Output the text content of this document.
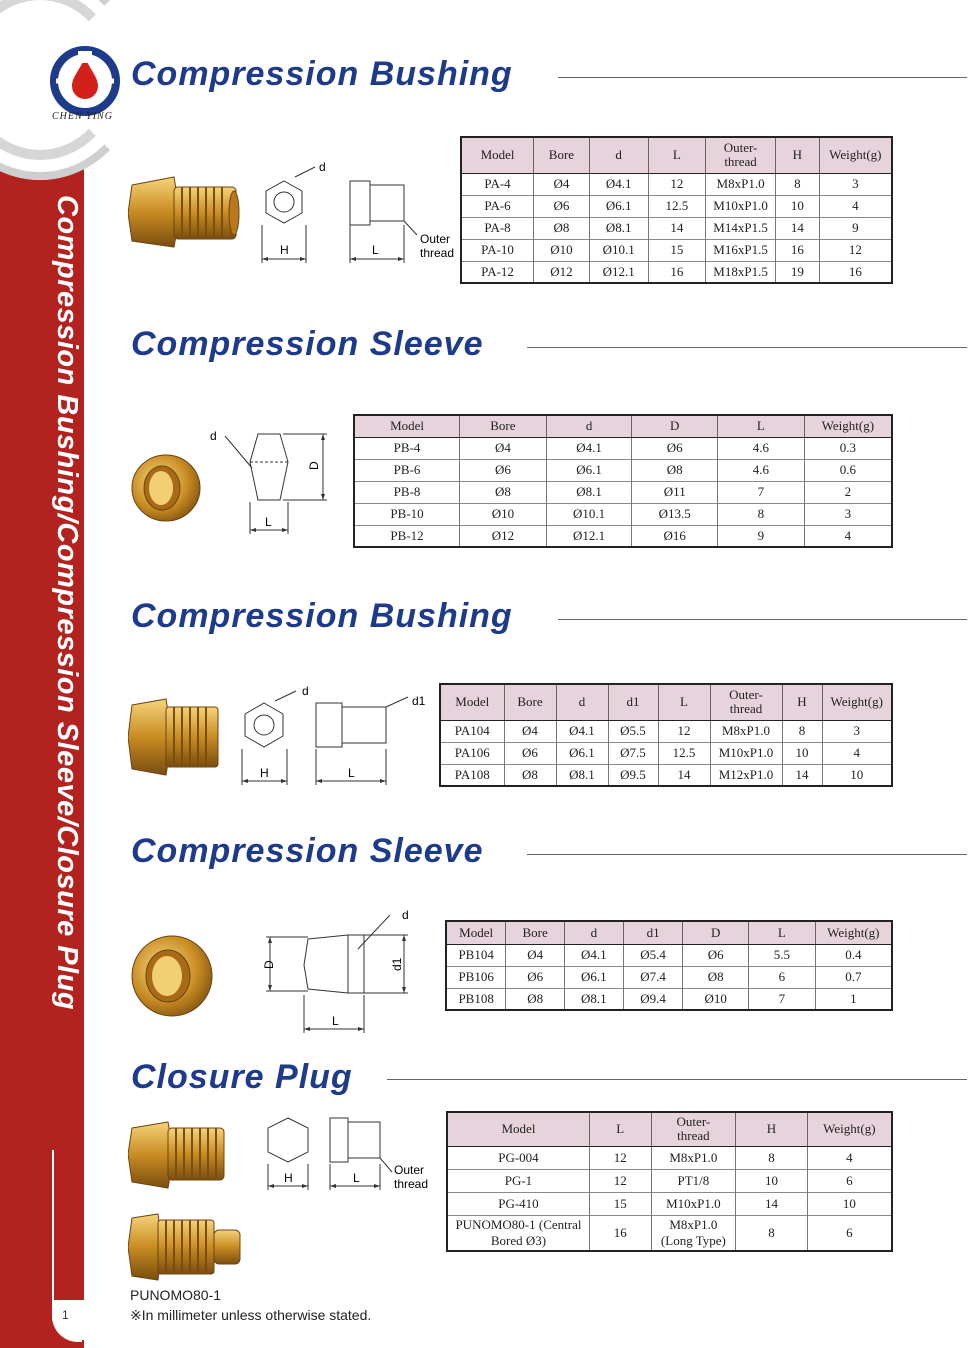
Compression Bushing/Compression Sleeve/Closure Plug
1
CHEN YING
Compression Bushing
d
H	L
Outer
thread
Model	Bore	d	L	Outer-thread	H	Weight(g)
PA-4	Ø4	Ø4.1	12	M8xP1.0	8	3
PA-6	Ø6	Ø6.1	12.5	M10xP1.0	10	4
PA-8	Ø8	Ø8.1	14	M14xP1.5	14	9
PA-10	Ø10	Ø10.1	15	M16xP1.5	16	12
PA-12	Ø12	Ø12.1	16	M18xP1.5	19	16
Compression Sleeve
d
D
L
Model	Bore	d	D	L	Weight(g)
PB-4	Ø4	Ø4.1	Ø6	4.6	0.3
PB-6	Ø6	Ø6.1	Ø8	4.6	0.6
PB-8	Ø8	Ø8.1	Ø11	7	2
PB-10	Ø10	Ø10.1	Ø13.5	8	3
PB-12	Ø12	Ø12.1	Ø16	9	4
Compression Bushing
d
d1
H	L
Model	Bore	d	d1	L	Outer-thread	H	Weight(g)
PA104	Ø4	Ø4.1	Ø5.5	12	M8xP1.0	8	3
PA106	Ø6	Ø6.1	Ø7.5	12.5	M10xP1.0	10	4
PA108	Ø8	Ø8.1	Ø9.5	14	M12xP1.0	14	10
Compression Sleeve
d
D	d1
L
Model	Bore	d	d1	D	L	Weight(g)
PB104	Ø4	Ø4.1	Ø5.4	Ø6	5.5	0.4
PB106	Ø6	Ø6.1	Ø7.4	Ø8	6	0.7
PB108	Ø8	Ø8.1	Ø9.4	Ø10	7	1
Closure Plug
PUNOMO80-1
H	L
Outer
thread
Model	L	Outer-thread	H	Weight(g)
PG-004	12	M8xP1.0	8	4
PG-1	12	PT1/8	10	6
PG-410	15	M10xP1.0	14	10
PUNOMO80-1 (Central Bored Ø3)	16	M8xP1.0 (Long Type)	8	6
※In millimeter unless otherwise stated.
